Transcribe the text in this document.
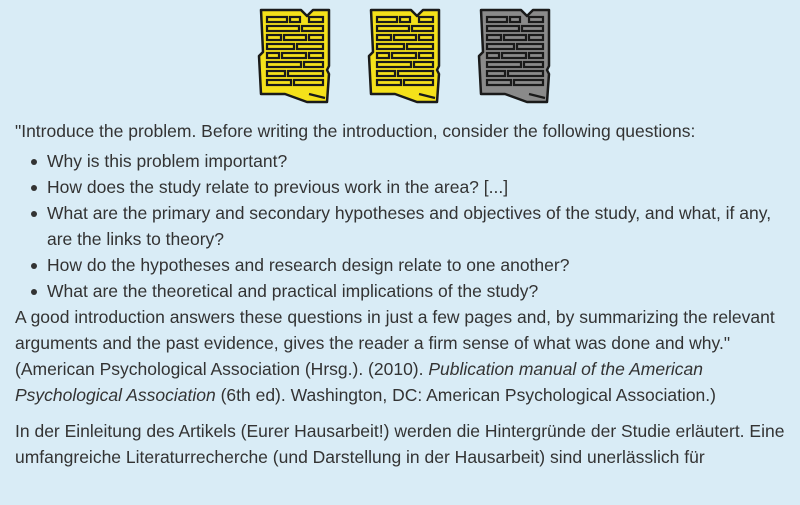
"Introduce the problem. Before writing the introduction, consider the following questions:

Why is this problem important?
How does the study relate to previous work in the area? [...]
What are the primary and secondary hypotheses and objectives of the study, and what, if any, are the links to theory?
How do the hypotheses and research design relate to one another?
What are the theoretical and practical implications of the study?

A good introduction answers these questions in just a few pages and, by summarizing the relevant arguments and the past evidence, gives the reader a firm sense of what was done and why." (American Psychological Association (Hrsg.). (2010). Publication manual of the American Psychological Association (6th ed). Washington, DC: American Psychological Association.)

In der Einleitung des Artikels (Eurer Hausarbeit!) werden die Hintergründe der Studie erläutert. Eine umfangreiche Literaturrecherche (und Darstellung in der Hausarbeit) sind unerlässlich für
